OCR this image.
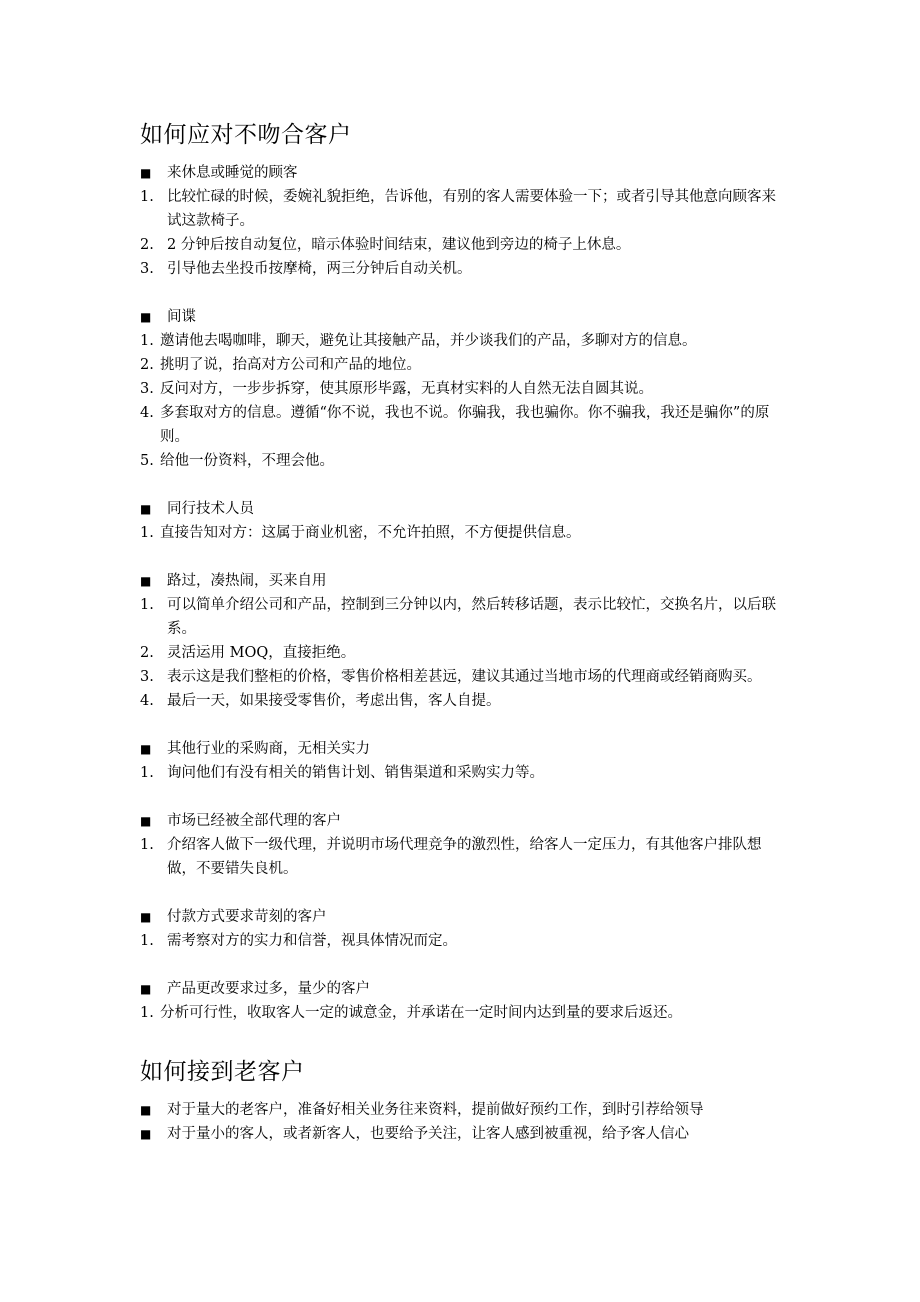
如何应对不吻合客户
■ 来休息或睡觉的顾客
1. 比较忙碌的时候，委婉礼貌拒绝，告诉他，有别的客人需要体验一下；或者引导其他意向顾客来试这款椅子。
2. 2 分钟后按自动复位，暗示体验时间结束，建议他到旁边的椅子上休息。
3. 引导他去坐投币按摩椅，两三分钟后自动关机。
■ 间谍
1. 邀请他去喝咖啡，聊天，避免让其接触产品，并少谈我们的产品，多聊对方的信息。
2. 挑明了说，抬高对方公司和产品的地位。
3. 反问对方，一步步拆穿，使其原形毕露，无真材实料的人自然无法自圆其说。
4. 多套取对方的信息。遵循“你不说，我也不说。你骗我，我也骗你。你不骗我，我还是骗你”的原则。
5. 给他一份资料，不理会他。
■ 同行技术人员
1. 直接告知对方：这属于商业机密，不允许拍照，不方便提供信息。
■ 路过，凑热闹，买来自用
1. 可以简单介绍公司和产品，控制到三分钟以内，然后转移话题，表示比较忙，交换名片，以后联系。
2. 灵活运用 MOQ，直接拒绝。
3. 表示这是我们整柜的价格，零售价格相差甚远，建议其通过当地市场的代理商或经销商购买。
4. 最后一天，如果接受零售价，考虑出售，客人自提。
■ 其他行业的采购商，无相关实力
1. 询问他们有没有相关的销售计划、销售渠道和采购实力等。
■ 市场已经被全部代理的客户
1. 介绍客人做下一级代理，并说明市场代理竞争的激烈性，给客人一定压力，有其他客户排队想做，不要错失良机。
■ 付款方式要求苛刻的客户
1. 需考察对方的实力和信誉，视具体情况而定。
■ 产品更改要求过多，量少的客户
1. 分析可行性，收取客人一定的诚意金，并承诺在一定时间内达到量的要求后返还。
如何接到老客户
■ 对于量大的老客户，准备好相关业务往来资料，提前做好预约工作，到时引荐给领导
■ 对于量小的客人，或者新客人，也要给予关注，让客人感到被重视，给予客人信心
